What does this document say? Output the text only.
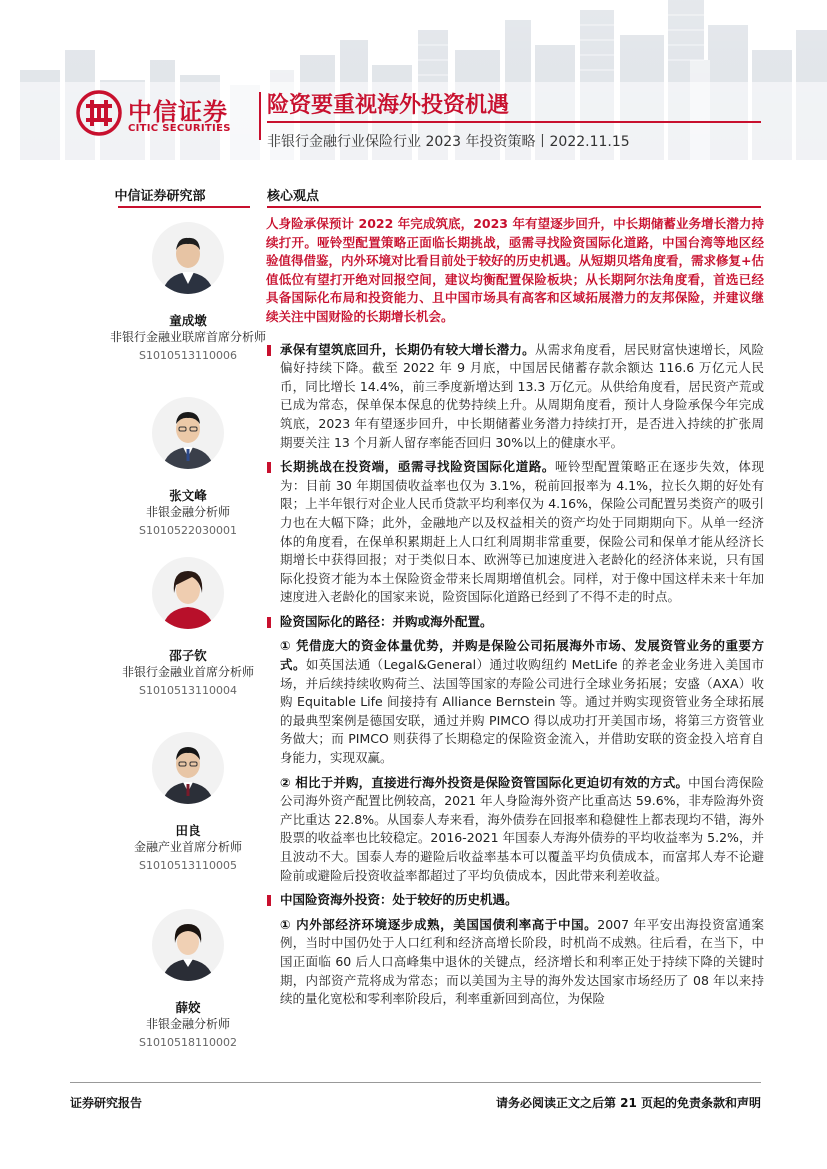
中信证券
CITIC SECURITIES
险资要重视海外投资机遇
非银行金融行业保险行业 2023 年投资策略丨2022.11.15
中信证券研究部	核心观点
童成墩
非银行金融业联席首席分析师
S1010513110006
张文峰
非银金融分析师
S1010522030001
邵子钦
非银行金融业首席分析师
S1010513110004
田良
金融产业首席分析师
S1010513110005
薛姣
非银金融分析师
S1010518110002
人身险承保预计 2022 年完成筑底，2023 年有望逐步回升，中长期储蓄业务增长潜力持续打开。哑铃型配置策略正面临长期挑战，亟需寻找险资国际化道路，中国台湾等地区经验值得借鉴，内外环境对比看目前处于较好的历史机遇。从短期贝塔角度看，需求修复+估值低位有望打开绝对回报空间，建议均衡配置保险板块；从长期阿尔法角度看，首选已经具备国际化布局和投资能力、且中国市场具有高客和区域拓展潜力的友邦保险，并建议继续关注中国财险的长期增长机会。
承保有望筑底回升，长期仍有较大增长潜力。从需求角度看，居民财富快速增长，风险偏好持续下降。截至 2022 年 9 月底，中国居民储蓄存款余额达 116.6 万亿元人民币，同比增长 14.4%，前三季度新增达到 13.3 万亿元。从供给角度看，居民资产荒或已成为常态，保单保本保息的优势持续上升。从周期角度看，预计人身险承保今年完成筑底，2023 年有望逐步回升，中长期储蓄业务潜力持续打开，是否进入持续的扩张周期要关注 13 个月新人留存率能否回归 30%以上的健康水平。
长期挑战在投资端，亟需寻找险资国际化道路。哑铃型配置策略正在逐步失效，体现为：目前 30 年期国债收益率也仅为 3.1%，税前回报率为 4.1%，拉长久期的好处有限；上半年银行对企业人民币贷款平均利率仅为 4.16%，保险公司配置另类资产的吸引力也在大幅下降；此外，金融地产以及权益相关的资产均处于同期期向下。从单一经济体的角度看，在保单积累期赶上人口红利周期非常重要，保险公司和保单才能从经济长期增长中获得回报；对于类似日本、欧洲等已加速度进入老龄化的经济体来说，只有国际化投资才能为本土保险资金带来长周期增值机会。同样，对于像中国这样未来十年加速度进入老龄化的国家来说，险资国际化道路已经到了不得不走的时点。
险资国际化的路径：并购或海外配置。
① 凭借庞大的资金体量优势，并购是保险公司拓展海外市场、发展资管业务的重要方式。如英国法通（Legal&General）通过收购纽约 MetLife 的养老金业务进入美国市场，并后续持续收购荷兰、法国等国家的寿险公司进行全球业务拓展；安盛（AXA）收购 Equitable Life 间接持有 Alliance Bernstein 等。通过并购实现资管业务全球拓展的最典型案例是德国安联，通过并购 PIMCO 得以成功打开美国市场，将第三方资管业务做大；而 PIMCO 则获得了长期稳定的保险资金流入，并借助安联的资金投入培育自身能力，实现双赢。
② 相比于并购，直接进行海外投资是保险资管国际化更迫切有效的方式。中国台湾保险公司海外资产配置比例较高，2021 年人身险海外资产比重高达 59.6%，非寿险海外资产比重达 22.8%。从国泰人寿来看，海外债券在回报率和稳健性上都表现均不错，海外股票的收益率也比较稳定。2016-2021 年国泰人寿海外债券的平均收益率为 5.2%，并且波动不大。国泰人寿的避险后收益率基本可以覆盖平均负债成本，而富邦人寿不论避险前或避险后投资收益率都超过了平均负债成本，因此带来利差收益。
中国险资海外投资：处于较好的历史机遇。
① 内外部经济环境逐步成熟，美国国债利率高于中国。2007 年平安出海投资富通案例，当时中国仍处于人口红利和经济高增长阶段，时机尚不成熟。往后看，在当下，中国正面临 60 后人口高峰集中退休的关键点，经济增长和利率正处于持续下降的关键时期，内部资产荒将成为常态；而以美国为主导的海外发达国家市场经历了 08 年以来持续的量化宽松和零利率阶段后，利率重新回到高位，为保险
证券研究报告	请务必阅读正文之后第 21 页起的免责条款和声明
